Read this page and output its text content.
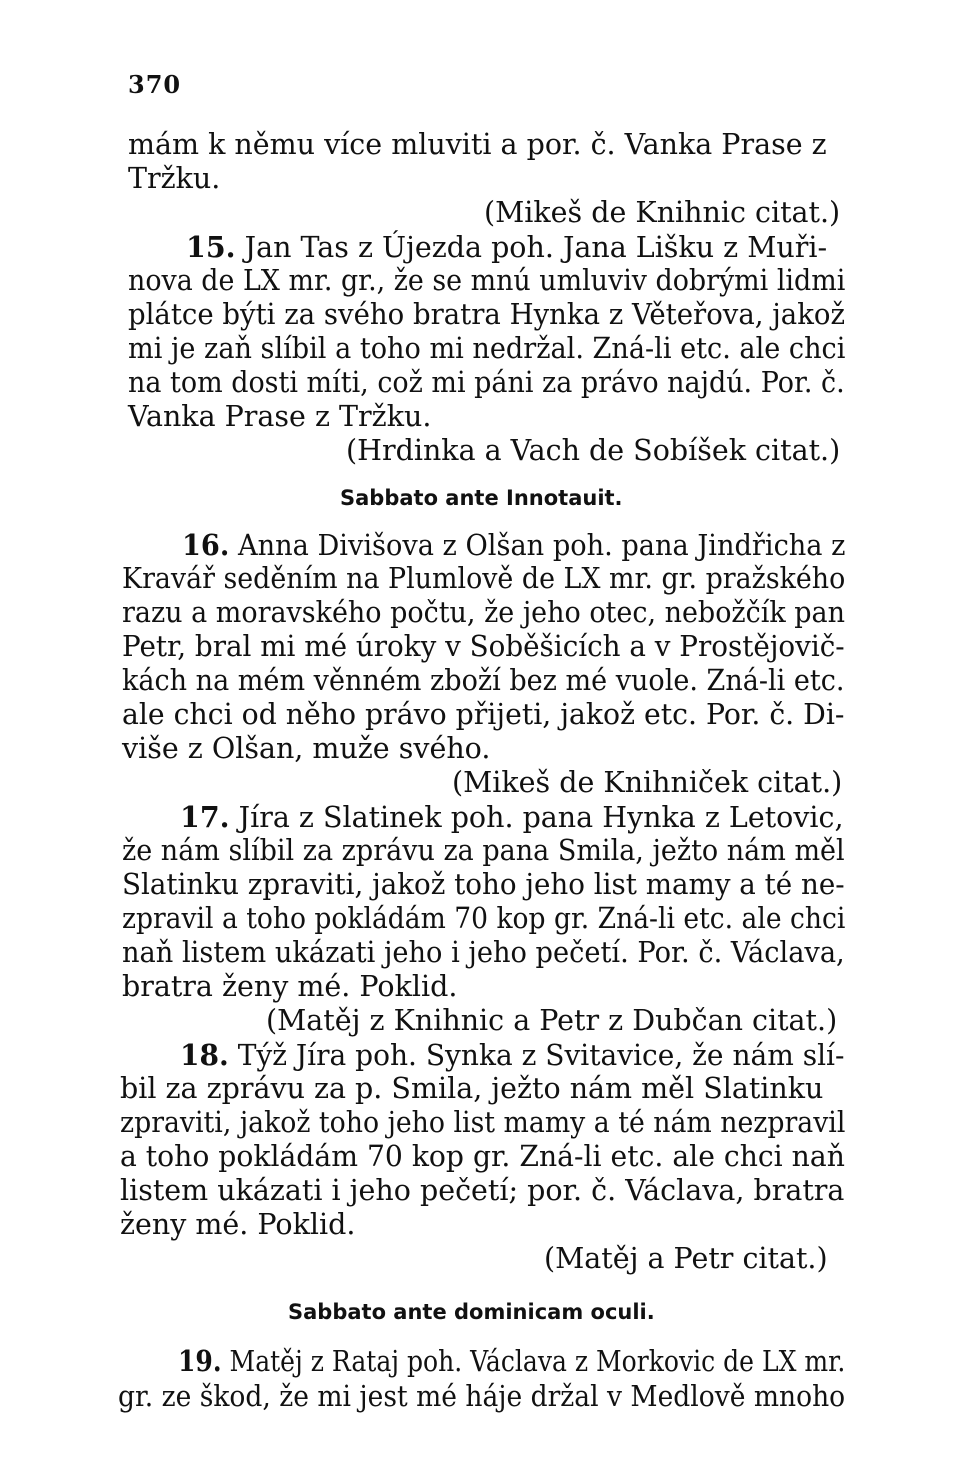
370
mám k němu více mluviti a por. č. Vanka Prase z
Tržku.
(Mikeš de Knihnic citat.)
15. Jan Tas z Újezda poh. Jana Lišku z Muři-
nova de LX mr. gr., že se mnú umluviv dobrými lidmi
plátce býti za svého bratra Hynka z Věteřova, jakož
mi je zaň slíbil a toho mi nedržal. Zná-li etc. ale chci
na tom dosti míti, což mi páni za právo najdú. Por. č.
Vanka Prase z Tržku.
(Hrdinka a Vach de Sobíšek citat.)
Sabbato ante Innotauit.
16. Anna Divišova z Olšan poh. pana Jindřicha z
Kravář seděním na Plumlově de LX mr. gr. pražského
razu a moravského počtu, že jeho otec, nebožčík pan
Petr, bral mi mé úroky v Soběšicích a v Prostějovič-
kách na mém věnném zboží bez mé vuole. Zná-li etc.
ale chci od něho právo přijeti, jakož etc. Por. č. Di-
više z Olšan, muže svého.
(Mikeš de Knihniček citat.)
17. Jíra z Slatinek poh. pana Hynka z Letovic,
že nám slíbil za zprávu za pana Smila, ježto nám měl
Slatinku zpraviti, jakož toho jeho list mamy a té ne-
zpravil a toho pokládám 70 kop gr. Zná-li etc. ale chci
naň listem ukázati jeho i jeho pečetí. Por. č. Václava,
bratra ženy mé. Poklid.
(Matěj z Knihnic a Petr z Dubčan citat.)
18. Týž Jíra poh. Synka z Svitavice, že nám slí-
bil za zprávu za p. Smila, ježto nám měl Slatinku
zpraviti, jakož toho jeho list mamy a té nám nezpravil
a toho pokládám 70 kop gr. Zná-li etc. ale chci naň
listem ukázati i jeho pečetí; por. č. Václava, bratra
ženy mé. Poklid.
(Matěj a Petr citat.)
Sabbato ante dominicam oculi.
19. Matěj z Rataj poh. Václava z Morkovic de LX mr.
gr. ze škod, že mi jest mé háje držal v Medlově mnoho
